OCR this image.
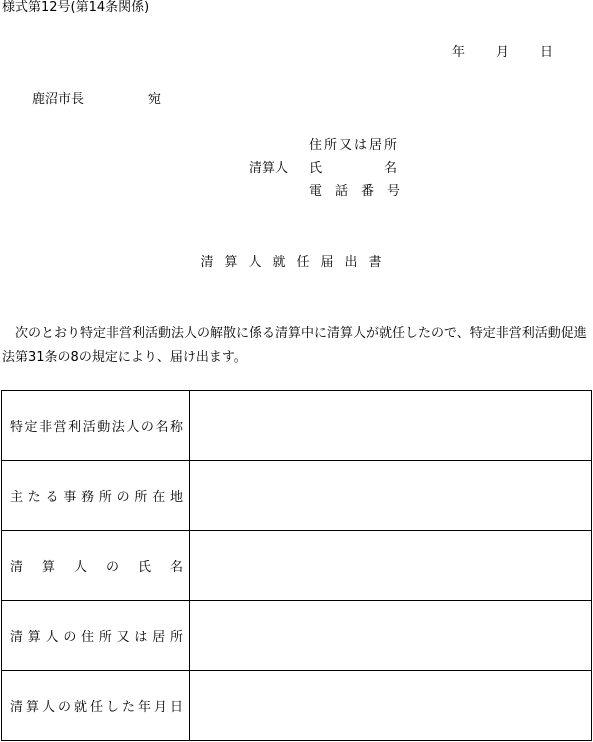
様式第12号(第14条関係)
年 月 日
鹿沼市長	宛
住所又は居所
清算人 氏　　　名
電　話　番　号
清算人就任届出書
次のとおり特定非営利活動法人の解散に係る清算中に清算人が就任したので、特定非営利活動促進法第31条の8の規定により、届け出ます。
特定非営利活動法人の名称	

主たる事務所の所在地	

清算人の氏名	

清算人の住所又は居所	

清算人の就任した年月日	
